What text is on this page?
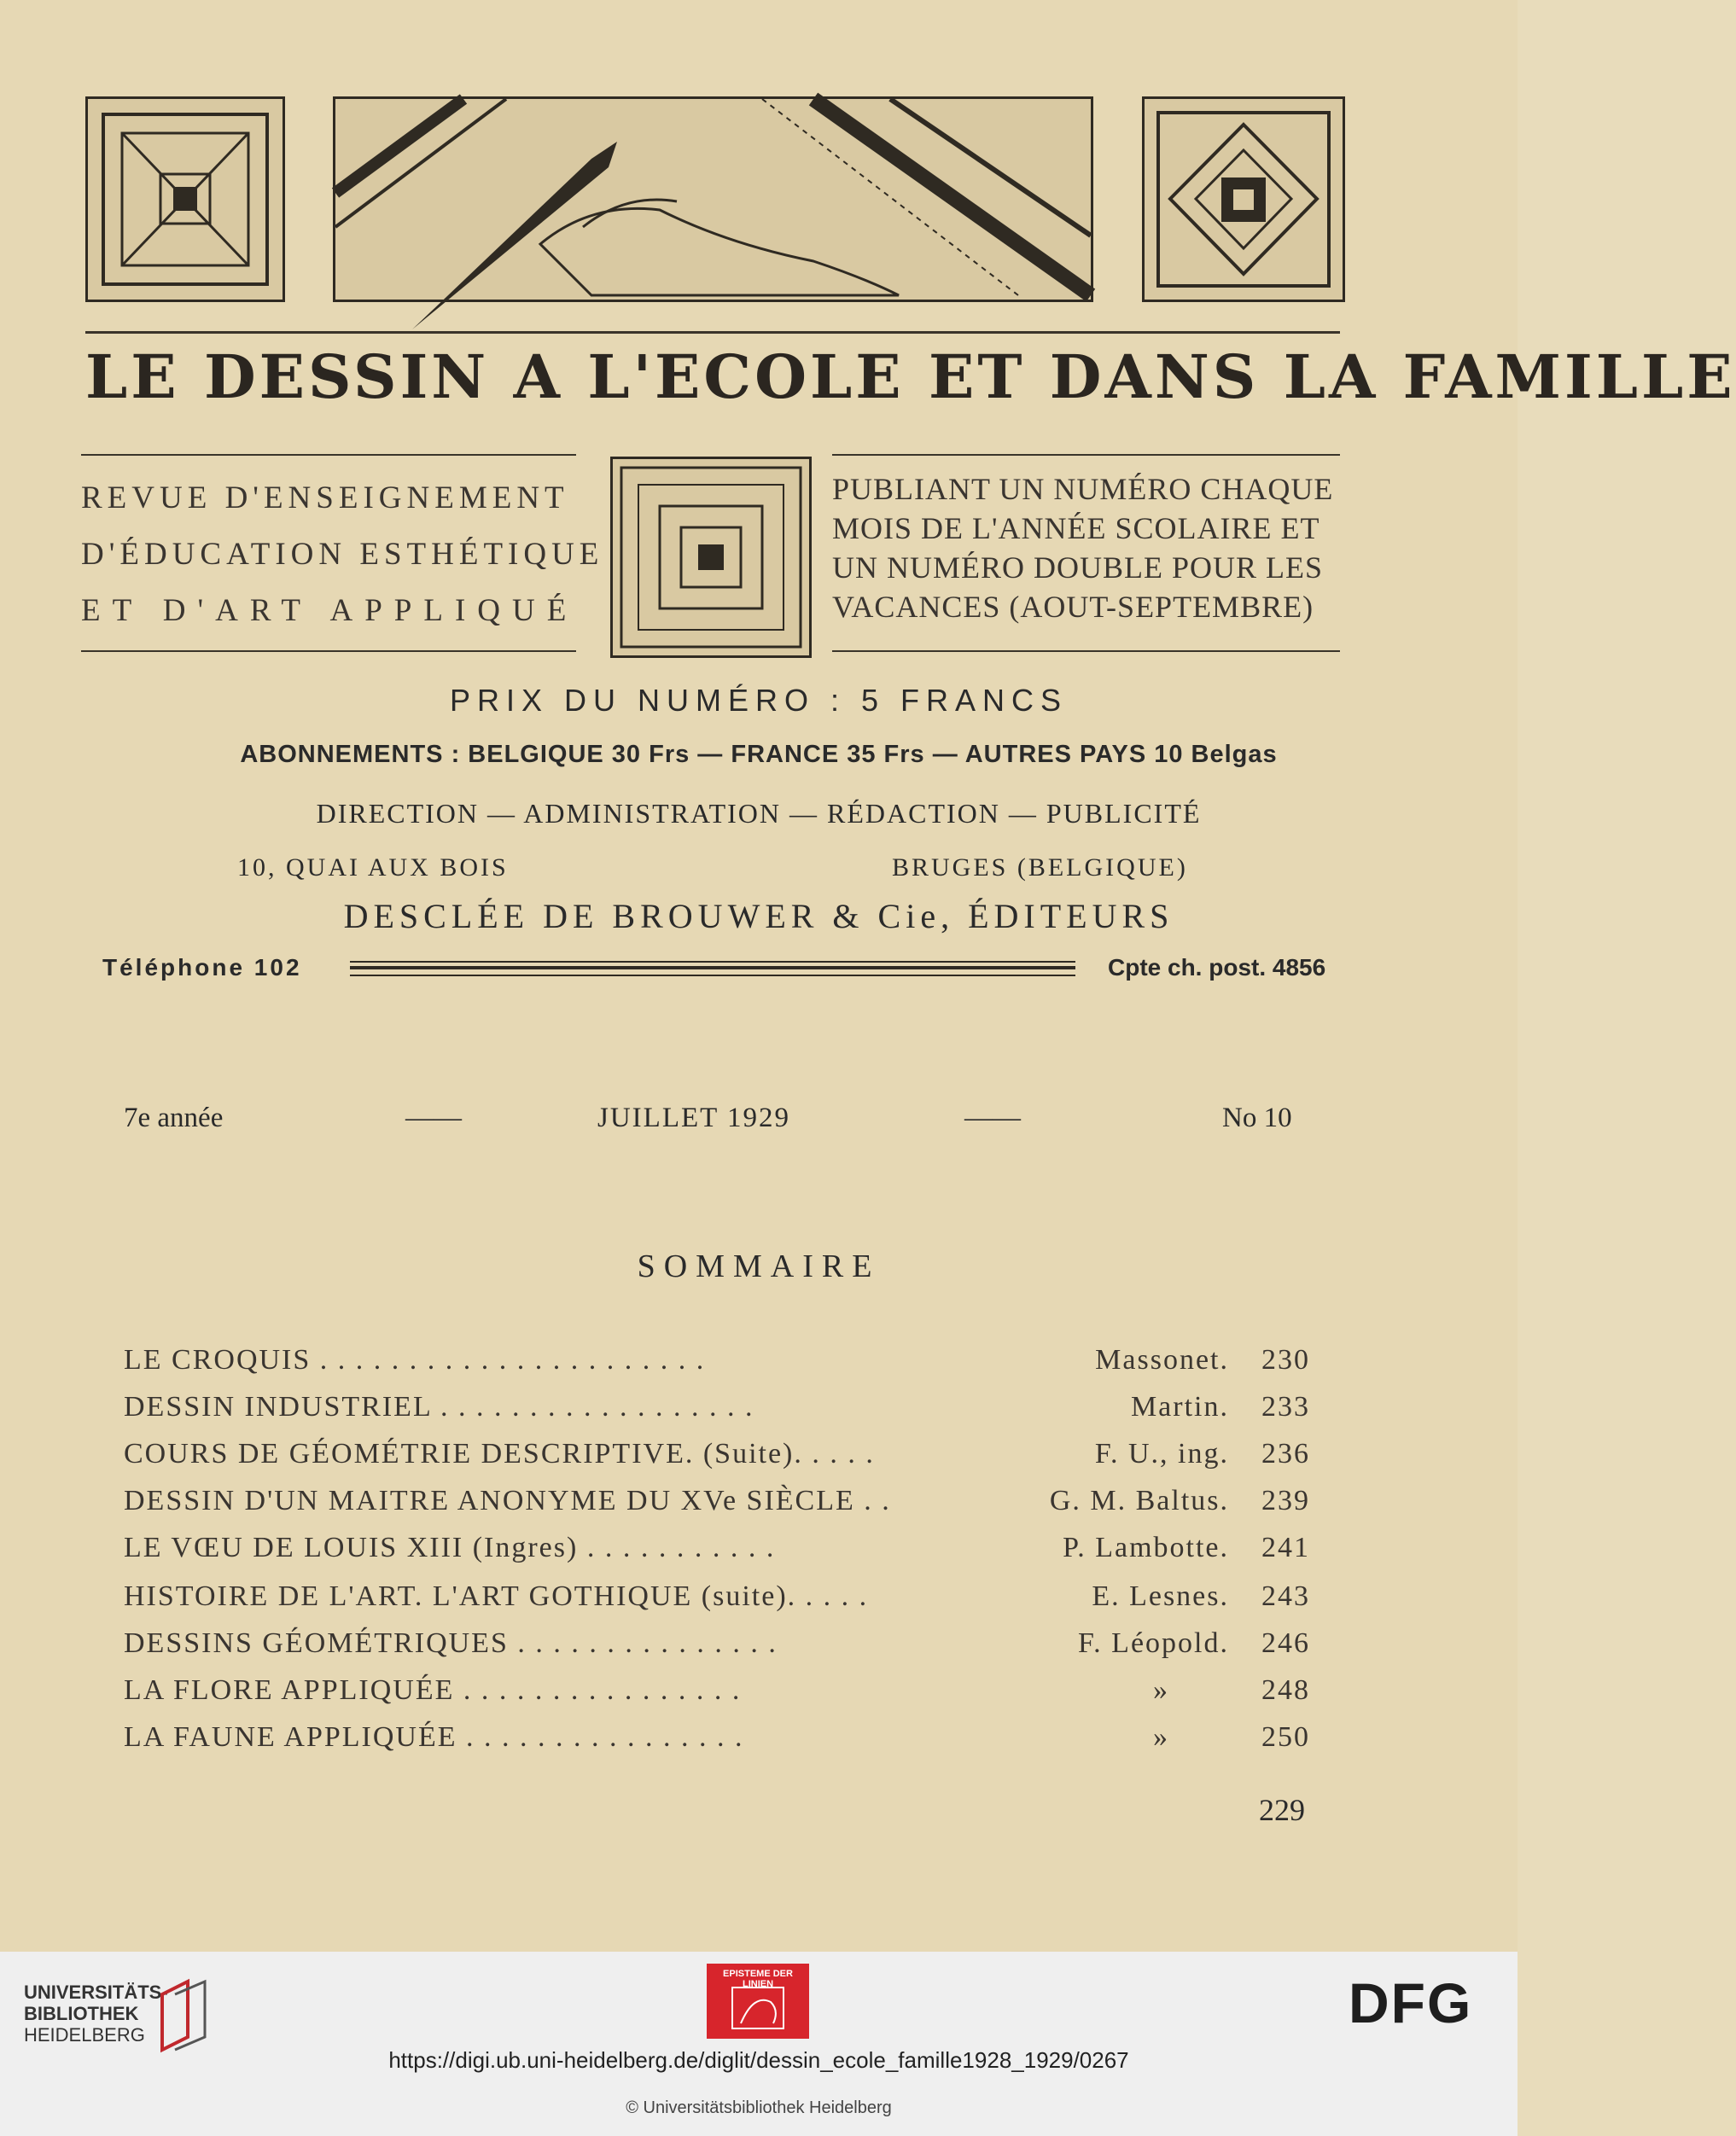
LE DESSIN A L'ECOLE ET DANS LA FAMILLE
REVUE D'ENSEIGNEMENT
D'ÉDUCATION ESTHÉTIQUE
ET D'ART APPLIQUÉ
PUBLIANT UN NUMÉRO CHAQUE
MOIS DE L'ANNÉE SCOLAIRE ET
UN NUMÉRO DOUBLE POUR LES
VACANCES (AOUT-SEPTEMBRE)
PRIX DU NUMÉRO : 5 FRANCS
ABONNEMENTS : BELGIQUE 30 Frs — FRANCE 35 Frs — AUTRES PAYS 10 Belgas
DIRECTION — ADMINISTRATION — RÉDACTION — PUBLICITÉ
10, QUAI AUX BOIS	BRUGES (BELGIQUE)
DESCLÉE DE BROUWER & Cie, ÉDITEURS
Téléphone 102	Cpte ch. post. 4856
7e année	——	JUILLET 1929	——	No 10
SOMMAIRE
LE CROQUIS . . . . . . . . . . . . . . . . . . . . . .	Massonet. 230
DESSIN INDUSTRIEL . . . . . . . . . . . . . . . . . .	Martin. 233
COURS DE GÉOMÉTRIE DESCRIPTIVE. (Suite). . . . .	F. U., ing. 236
DESSIN D'UN MAITRE ANONYME DU XVe SIÈCLE . .	G. M. Baltus. 239
LE VŒU DE LOUIS XIII (Ingres) . . . . . . . . . . .	P. Lambotte. 241
HISTOIRE DE L'ART. L'ART GOTHIQUE (suite). . . . .	E. Lesnes. 243
DESSINS GÉOMÉTRIQUES . . . . . . . . . . . . . . .	F. Léopold. 246
LA FLORE APPLIQUÉE . . . . . . . . . . . . . . . .	»	248
LA FAUNE APPLIQUÉE . . . . . . . . . . . . . . . .	»	250
229
UNIVERSITÄTS-
BIBLIOTHEK
HEIDELBERG
EPISTEME DER LINIEN	DFG
https://digi.ub.uni-heidelberg.de/diglit/dessin_ecole_famille1928_1929/0267
© Universitätsbibliothek Heidelberg
